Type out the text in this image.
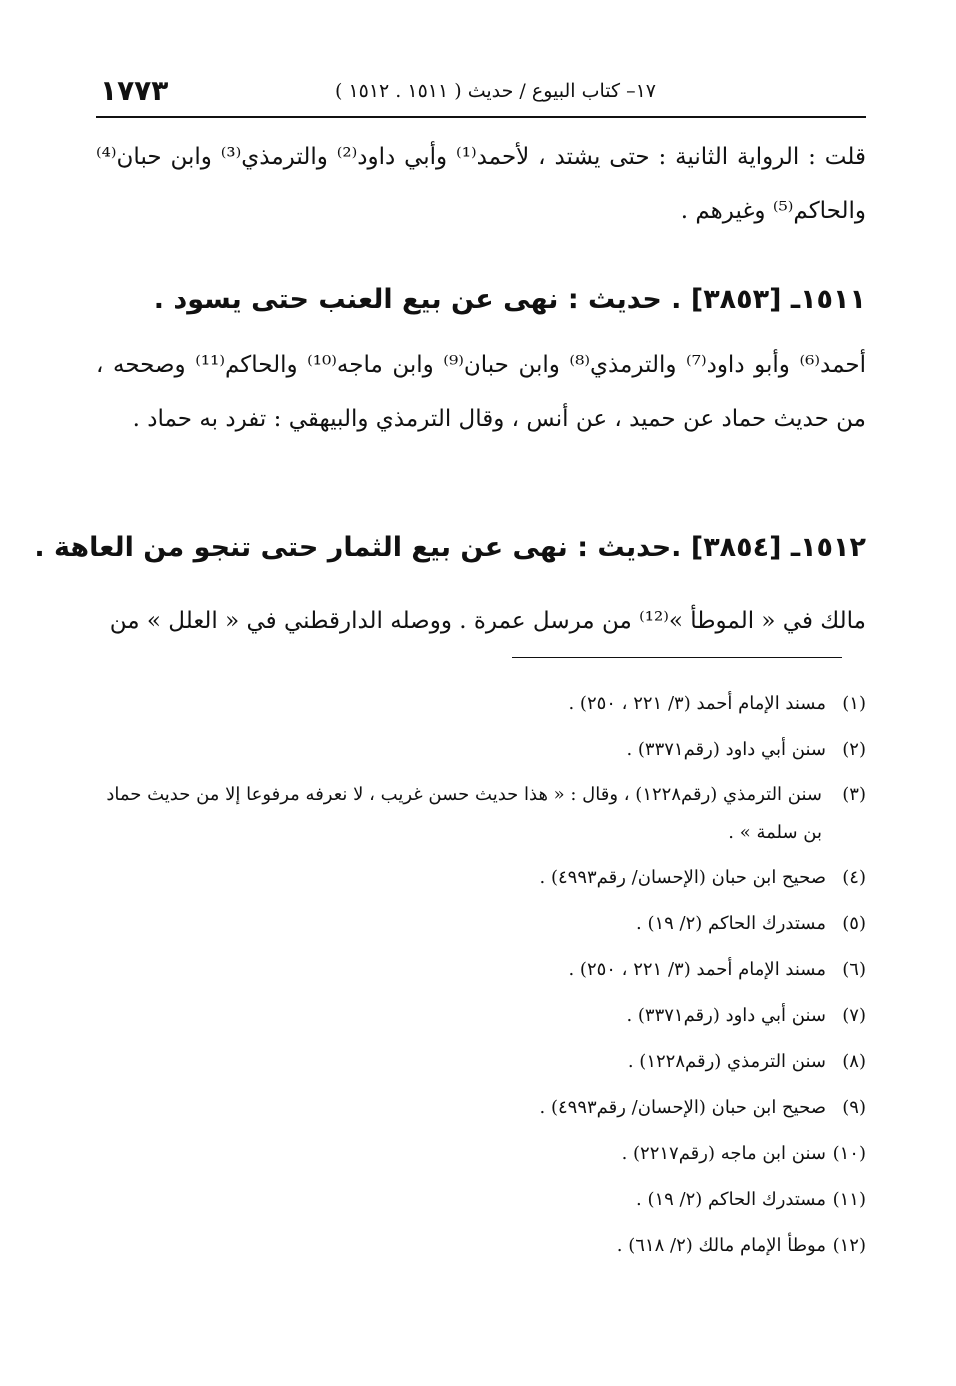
١٧٧٣	١٧– كتاب البيوع / حديث ( ١٥١١ . ١٥١٢ )
قلت : الرواية الثانية : حتى يشتد ، لأحمد⁽¹⁾ وأبي داود⁽²⁾ والترمذي⁽³⁾ وابن حبان⁽⁴⁾ والحاكم⁽⁵⁾ وغيرهم .
١٥١١ـ [٣٨٥٣] . حديث : نهى عن بيع العنب حتى يسود .
أحمد⁽⁶⁾ وأبو داود⁽⁷⁾ والترمذي⁽⁸⁾ وابن حبان⁽⁹⁾ وابن ماجه⁽¹⁰⁾ والحاكم⁽¹¹⁾ وصححه ، من حديث حماد عن حميد ، عن أنس ، وقال الترمذي والبيهقي : تفرد به حماد .
١٥١٢ـ [٣٨٥٤] .حديث : نهى عن بيع الثمار حتى تنجو من العاهة .
مالك في « الموطأ »⁽¹²⁾ من مرسل عمرة . ووصله الدارقطني في « العلل » من
(١)مسند الإمام أحمد (٣/ ٢٢١ ، ٢٥٠) .
(٢)سنن أبي داود (رقم٣٣٧١) .
(٣)
سنن الترمذي (رقم١٢٢٨) ، وقال : « هذا حديث حسن غريب ، لا نعرفه مرفوعا إلا من حديث حماد بن سلمة » .
(٤)صحيح ابن حبان (الإحسان/ رقم٤٩٩٣) .
(٥)مستدرك الحاكم (٢/ ١٩) .
(٦)مسند الإمام أحمد (٣/ ٢٢١ ، ٢٥٠) .
(٧)سنن أبي داود (رقم٣٣٧١) .
(٨)سنن الترمذي (رقم١٢٢٨) .
(٩)صحيح ابن حبان (الإحسان/ رقم٤٩٩٣) .
(١٠)سنن ابن ماجه (رقم٢٢١٧) .
(١١)مستدرك الحاكم (٢/ ١٩) .
(١٢)موطأ الإمام مالك (٢/ ٦١٨) .
